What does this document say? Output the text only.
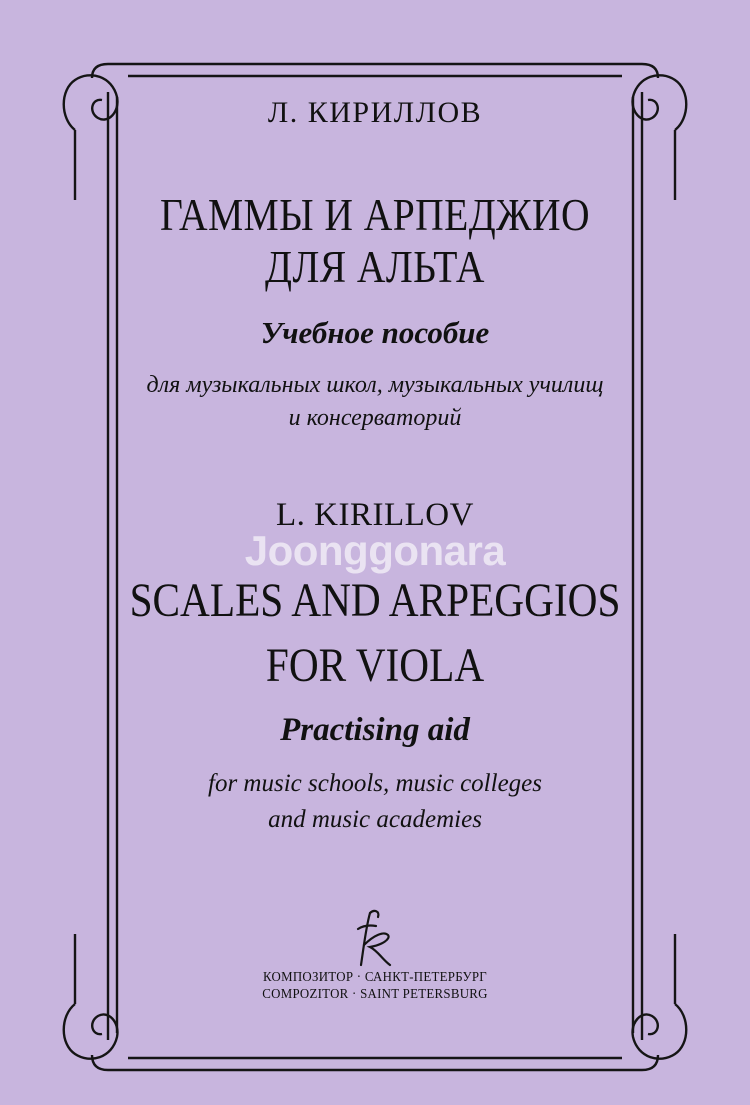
Л. КИРИЛЛОВ
ГАММЫ И АРПЕДЖИО
ДЛЯ АЛЬТА
Учебное пособие
для музыкальных школ, музыкальных училищ
и консерваторий
L. KIRILLOV
Joonggonara
SCALES AND ARPEGGIOS
FOR VIOLA
Practising aid
for music schools, music colleges
and music academies
КОМПОЗИТОР · САНКТ-ПЕТЕРБУРГ
COMPOZITOR · SAINT PETERSBURG
